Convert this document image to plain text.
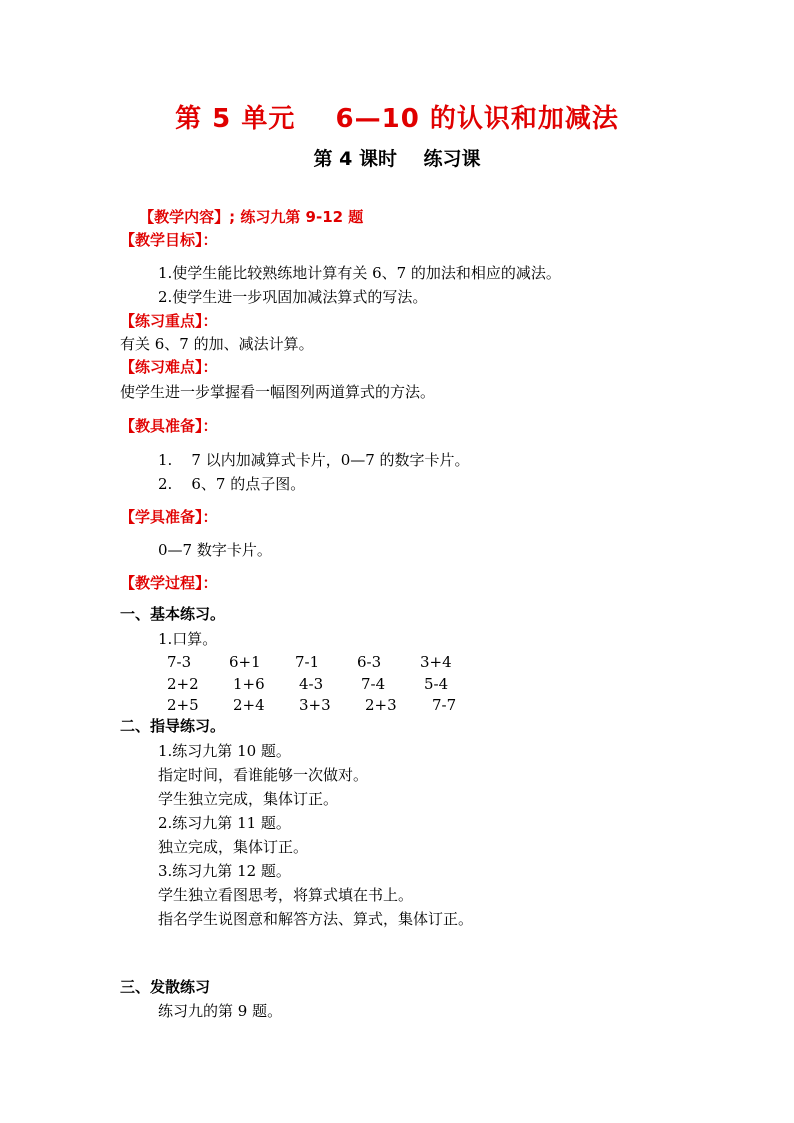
第 5 单元    6—10 的认识和加减法
第 4 课时    练习课

【教学内容】; 练习九第 9-12 题

【教学目标】：
1.使学生能比较熟练地计算有关 6、7 的加法和相应的减法。
2.使学生进一步巩固加减法算式的写法。
【练习重点】：
有关 6、7 的加、减法计算。
【练习难点】：
使学生进一步掌握看一幅图列两道算式的方法。
【教具准备】：
1.    7 以内加减算式卡片，0—7 的数字卡片。
2.    6、7 的点子图。
【学具准备】：
0—7 数字卡片。
【教学过程】：
一、基本练习。
1.口算。
7-3	6+1 7-1	6-3	3+4
2+2 1+6 4-3	7-4	5-4
2+5 2+4 3+3 2+3 7-7
二、指导练习。
1.练习九第 10 题。
指定时间，看谁能够一次做对。
学生独立完成，集体订正。
2.练习九第 11 题。
独立完成，集体订正。
3.练习九第 12 题。
学生独立看图思考，将算式填在书上。
指名学生说图意和解答方法、算式，集体订正。
三、发散练习
练习九的第 9 题。
